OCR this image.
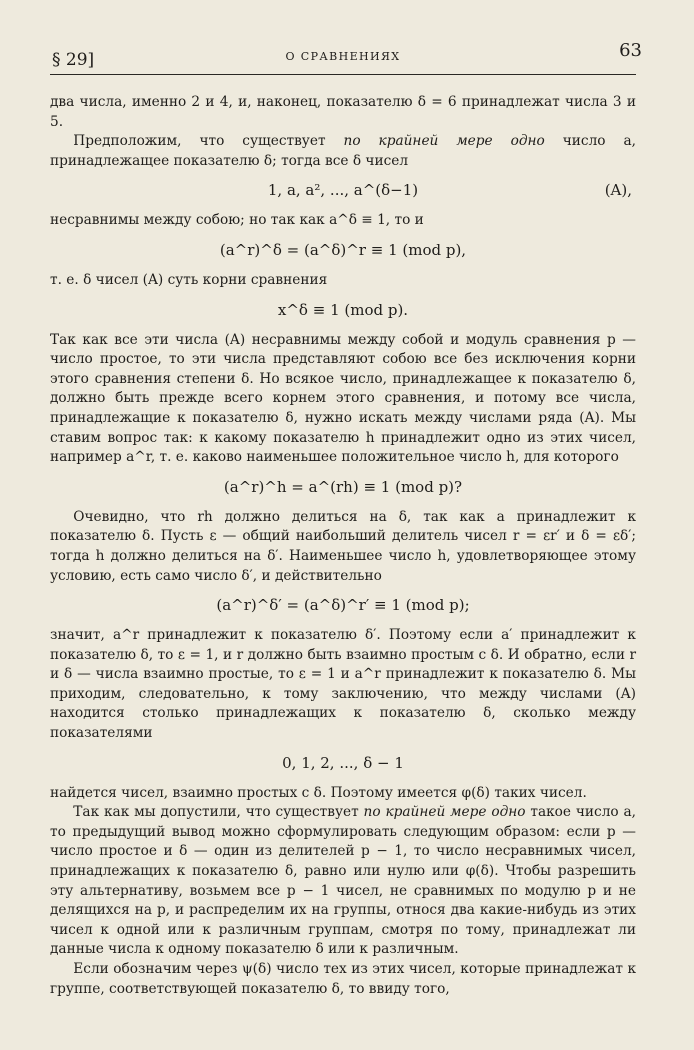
§ 29]	О СРАВНЕНИЯХ	63

два числа, именно 2 и 4, и, наконец, показателю δ = 6 принадлежат числа 3 и 5.

Предположим, что существует по крайней мере одно число a, принадлежащее показателю δ; тогда все δ чисел

1, a, a², ..., a^(δ−1)	(A),

несравнимы между собою; но так как a^δ ≡ 1, то и

(a^r)^δ = (a^δ)^r ≡ 1 (mod p),

т. е. δ чисел (A) суть корни сравнения

x^δ ≡ 1 (mod p).

Так как все эти числа (A) несравнимы между собой и модуль сравнения p — число простое, то эти числа представляют собою все без исключения корни этого сравнения степени δ. Но всякое число, принадлежащее к показателю δ, должно быть прежде всего корнем этого сравнения, и потому все числа, принадлежащие к показателю δ, нужно искать между числами ряда (A). Мы ставим вопрос так: к какому показателю h принадлежит одно из этих чисел, например a^r, т. е. каково наименьшее положительное число h, для которого

(a^r)^h = a^(rh) ≡ 1 (mod p)?

Очевидно, что rh должно делиться на δ, так как a принадлежит к показателю δ. Пусть ε — общий наибольший делитель чисел r = εr′ и δ = εδ′; тогда h должно делиться на δ′. Наименьшее число h, удовлетворяющее этому условию, есть само число δ′, и действительно

(a^r)^δ′ = (a^δ)^r′ ≡ 1 (mod p);

значит, a^r принадлежит к показателю δ′. Поэтому если a′ принадлежит к показателю δ, то ε = 1, и r должно быть взаимно простым с δ. И обратно, если r и δ — числа взаимно простые, то ε = 1 и a^r принадлежит к показателю δ. Мы приходим, следовательно, к тому заключению, что между числами (A) находится столько принадлежащих к показателю δ, сколько между показателями

0, 1, 2, ..., δ − 1

найдется чисел, взаимно простых с δ. Поэтому имеется φ(δ) таких чисел.

Так как мы допустили, что существует по крайней мере одно такое число a, то предыдущий вывод можно сформулировать следующим образом: если p — число простое и δ — один из делителей p − 1, то число несравнимых чисел, принадлежащих к показателю δ, равно или нулю или φ(δ). Чтобы разрешить эту альтернативу, возьмем все p − 1 чисел, не сравнимых по модулю p и не делящихся на p, и распределим их на группы, относя два какие-нибудь из этих чисел к одной или к различным группам, смотря по тому, принадлежат ли данные числа к одному показателю δ или к различным.

Если обозначим через ψ(δ) число тех из этих чисел, которые принадлежат к группе, соответствующей показателю δ, то ввиду того,
